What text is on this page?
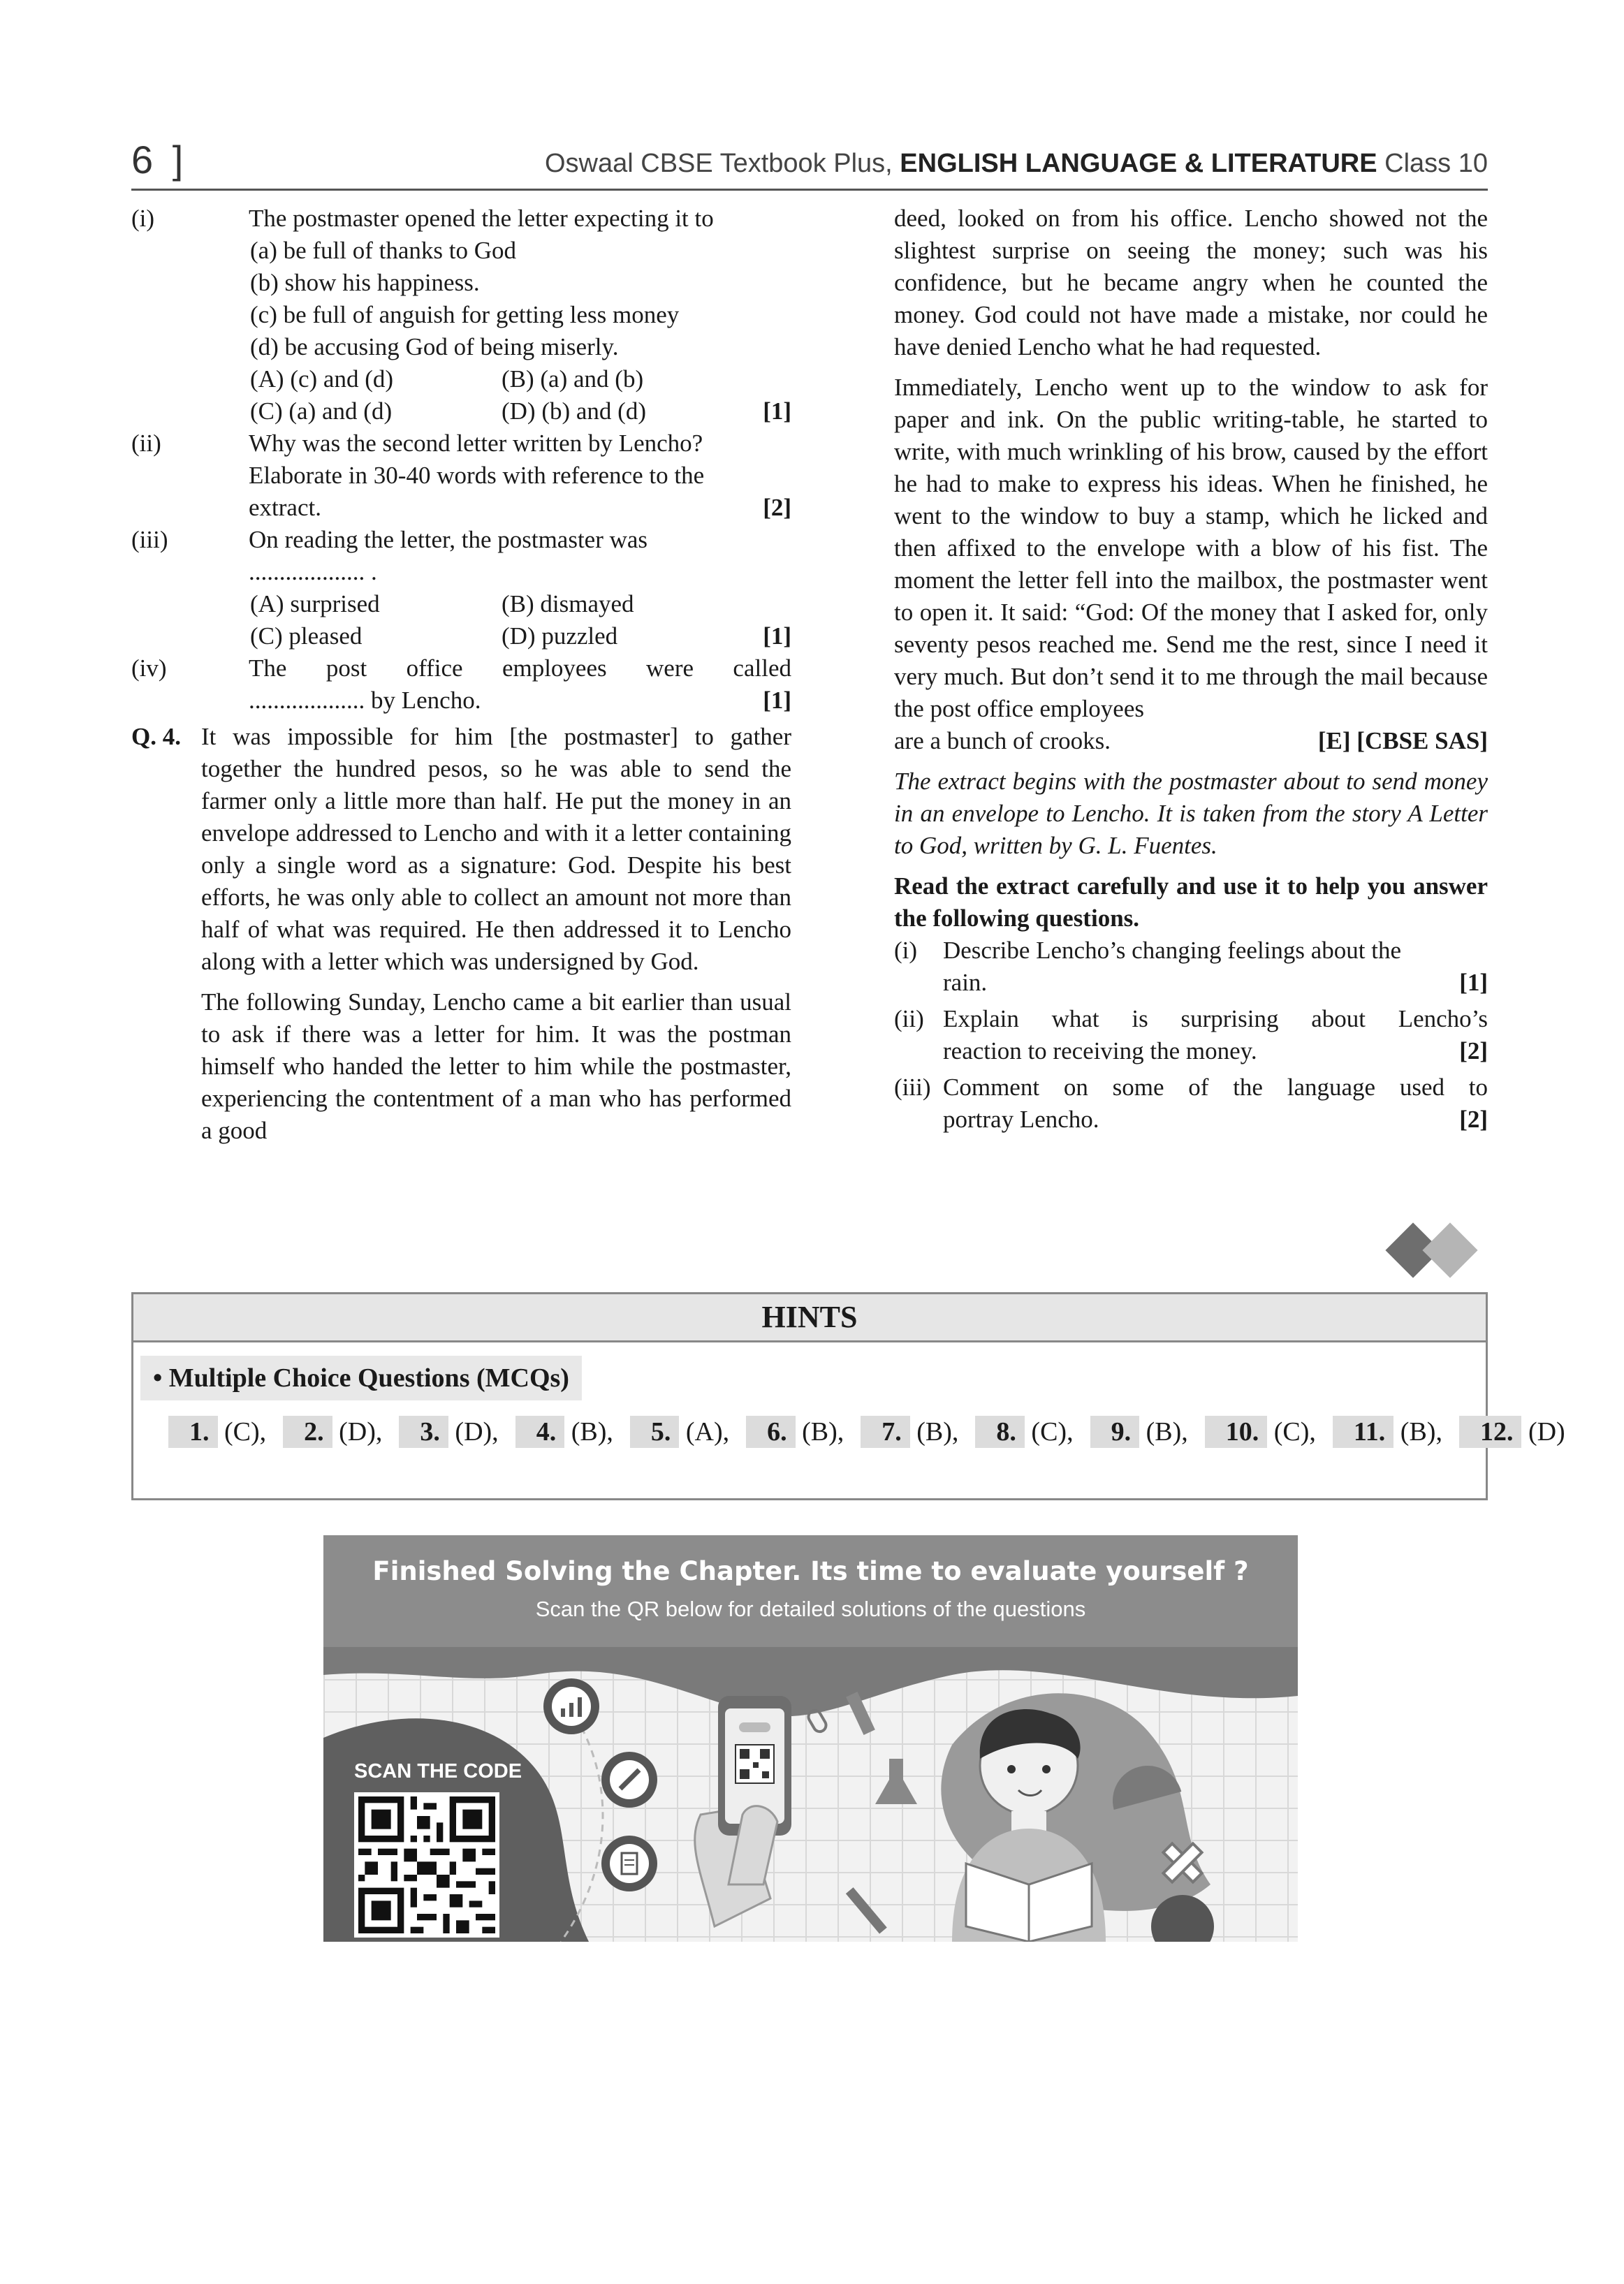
6 ]	Oswaal CBSE Textbook Plus, ENGLISH LANGUAGE & LITERATURE Class 10
(i)	The postmaster opened the letter expecting it to
(a) be full of thanks to God
(b) show his happiness.
(c) be full of anguish for getting less money
(d) be accusing God of being miserly.
(A) (c) and (d)	(B) (a) and (b)
(C) (a) and (d)	(D) (b) and (d)	[1]
(ii)	Why was the second letter written by Lencho?
Elaborate in 30-40 words with reference to the
extract.	[2]
(iii)	On reading the letter, the postmaster was
................... .
(A) surprised	(B) dismayed
(C) pleased	(D) puzzled	[1]
(iv)	The post office employees were called
................... by Lencho.	[1]
Q. 4. It was impossible for him [the postmaster] to gather together the hundred pesos, so he was able to send the farmer only a little more than half. He put the money in an envelope addressed to Lencho and with it a letter containing only a single word as a signature: God. Despite his best efforts, he was only able to collect an amount not more than half of what was required. He then addressed it to Lencho along with a letter which was undersigned by God.
The following Sunday, Lencho came a bit earlier than usual to ask if there was a letter for him. It was the postman himself who handed the letter to him while the postmaster, experiencing the contentment of a man who has performed a good
deed, looked on from his office. Lencho showed not the slightest surprise on seeing the money; such was his confidence, but he became angry when he counted the money. God could not have made a mistake, nor could he have denied Lencho what he had requested.
Immediately, Lencho went up to the window to ask for paper and ink. On the public writing-table, he started to write, with much wrinkling of his brow, caused by the effort he had to make to express his ideas. When he finished, he went to the window to buy a stamp, which he licked and then affixed to the envelope with a blow of his fist. The moment the letter fell into the mailbox, the postmaster went to open it. It said: “God: Of the money that I asked for, only seventy pesos reached me. Send me the rest, since I need it very much. But don’t send it to me through the mail because the post office employees
are a bunch of crooks.	[E] [CBSE SAS]
The extract begins with the postmaster about to send money in an envelope to Lencho. It is taken from the story A Letter to God, written by G. L. Fuentes.
Read the extract carefully and use it to help you answer the following questions.
(i) Describe Lencho’s changing feelings about the
rain.	[1]
(ii) Explain what is surprising about Lencho’s
reaction to receiving the money.	[2]
(iii) Comment on some of the language used to
portray Lencho.	[2]
HINTS
• Multiple Choice Questions (MCQs)
1. (C),	2. (D),	3. (D),	4. (B),	5. (A),	6. (B),	7. (B),	8. (C),	9. (B),	10. (C),	11. (B),	12. (D)
Finished Solving the Chapter. Its time to evaluate yourself ?
Scan the QR below for detailed solutions of the questions
SCAN THE CODE
